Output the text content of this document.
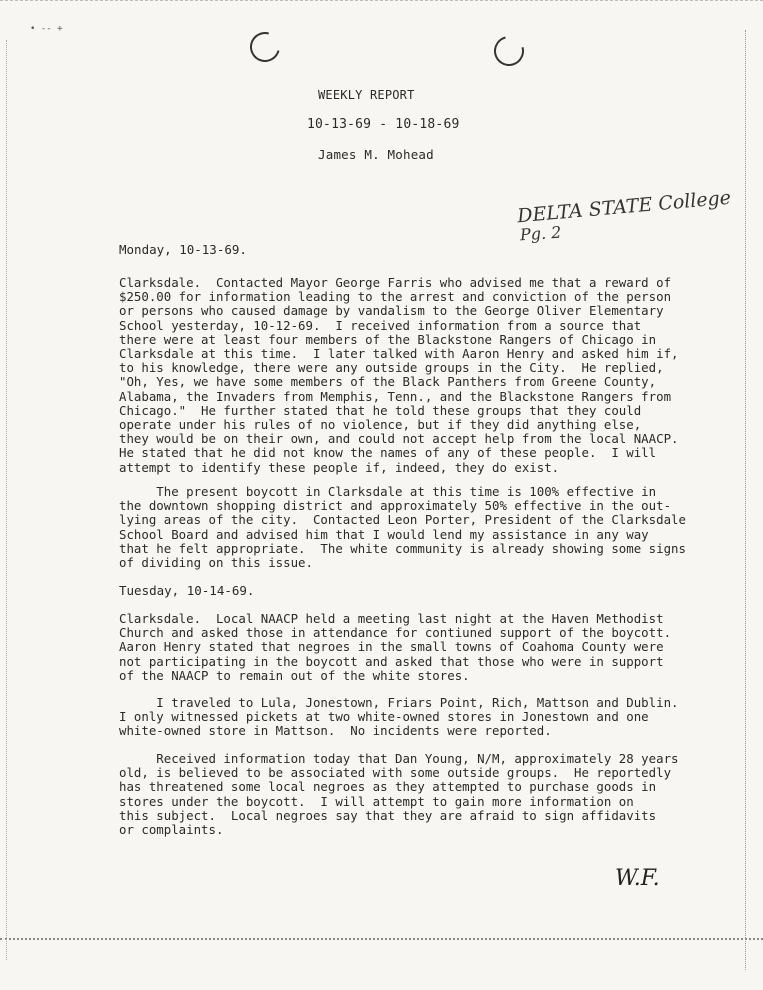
• -- +
WEEKLY REPORT
10-13-69 - 10-18-69
James M. Mohead
DELTA STATE College
Pg. 2
Monday, 10-13-69.
Clarksdale.  Contacted Mayor George Farris who advised me that a reward of
$250.00 for information leading to the arrest and conviction of the person
or persons who caused damage by vandalism to the George Oliver Elementary
School yesterday, 10-12-69.  I received information from a source that
there were at least four members of the Blackstone Rangers of Chicago in
Clarksdale at this time.  I later talked with Aaron Henry and asked him if,
to his knowledge, there were any outside groups in the City.  He replied,
"Oh, Yes, we have some members of the Black Panthers from Greene County,
Alabama, the Invaders from Memphis, Tenn., and the Blackstone Rangers from
Chicago."  He further stated that he told these groups that they could
operate under his rules of no violence, but if they did anything else,
they would be on their own, and could not accept help from the local NAACP.
He stated that he did not know the names of any of these people.  I will
attempt to identify these people if, indeed, they do exist.
The present boycott in Clarksdale at this time is 100% effective in
the downtown shopping district and approximately 50% effective in the out-
lying areas of the city.  Contacted Leon Porter, President of the Clarksdale
School Board and advised him that I would lend my assistance in any way
that he felt appropriate.  The white community is already showing some signs
of dividing on this issue.
Tuesday, 10-14-69.
Clarksdale.  Local NAACP held a meeting last night at the Haven Methodist
Church and asked those in attendance for contiuned support of the boycott.
Aaron Henry stated that negroes in the small towns of Coahoma County were
not participating in the boycott and asked that those who were in support
of the NAACP to remain out of the white stores.
I traveled to Lula, Jonestown, Friars Point, Rich, Mattson and Dublin.
I only witnessed pickets at two white-owned stores in Jonestown and one
white-owned store in Mattson.  No incidents were reported.
Received information today that Dan Young, N/M, approximately 28 years
old, is believed to be associated with some outside groups.  He reportedly
has threatened some local negroes as they attempted to purchase goods in
stores under the boycott.  I will attempt to gain more information on
this subject.  Local negroes say that they are afraid to sign affidavits
or complaints.
W.F.
